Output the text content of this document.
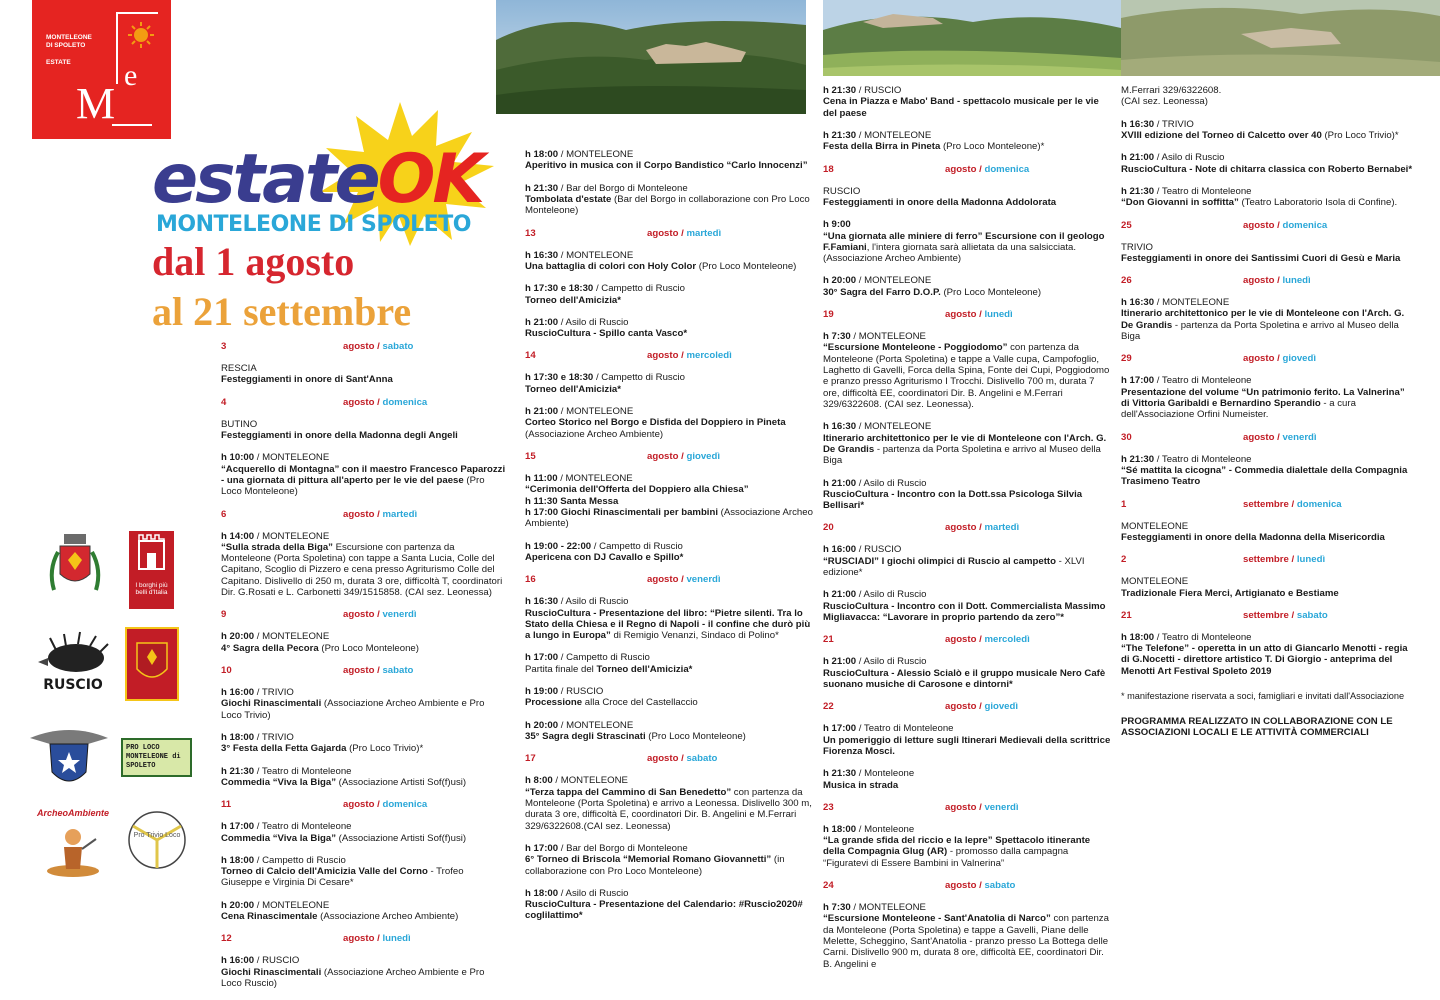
MONTELEONE
DI SPOLETO
ESTATE
M
e
estateOK
MONTELEONE DI SPOLETO
dal 1 agosto
al 21 settembre
I borghi più belli d'Italia
RUSCIO
PRO LOCO MONTELEONE di SPOLETO
ArcheoAmbiente
Pro Trivio Loco
3	agosto / sabato
RESCIA
Festeggiamenti in onore di Sant'Anna
4	agosto / domenica
BUTINO
Festeggiamenti in onore della Madonna degli Angeli
h 10:00 / MONTELEONE
“Acquerello di Montagna” con il maestro Francesco Paparozzi - una giornata di pittura all'aperto per le vie del paese (Pro Loco Monteleone)
6	agosto / martedì
h 14:00 / MONTELEONE
“Sulla strada della Biga” Escursione con partenza da Monteleone (Porta Spoletina) con tappe a Santa Lucia, Colle del Capitano, Scoglio di Pizzero e cena presso Agriturismo Colle del Capitano. Dislivello di 250 m, durata 3 ore, difficoltà T, coordinatori Dir. G.Rosati e L. Carbonetti 349/1515858. (CAI sez. Leonessa)
9	agosto / venerdì
h 20:00 / MONTELEONE
4° Sagra della Pecora (Pro Loco Monteleone)
10	agosto / sabato
h 16:00 / TRIVIO
Giochi Rinascimentali (Associazione Archeo Ambiente e Pro Loco Trivio)
h 18:00 / TRIVIO
3° Festa della Fetta Gajarda (Pro Loco Trivio)*
h 21:30 / Teatro di Monteleone
Commedia “Viva la Biga” (Associazione Artisti Sof(f)usi)
11	agosto / domenica
h 17:00 / Teatro di Monteleone
Commedia “Viva la Biga” (Associazione Artisti Sof(f)usi)
h 18:00 / Campetto di Ruscio
Torneo di Calcio dell'Amicizia Valle del Corno - Trofeo Giuseppe e Virginia Di Cesare*
h 20:00 / MONTELEONE
Cena Rinascimentale (Associazione Archeo Ambiente)
12	agosto / lunedì
h 16:00 / RUSCIO
Giochi Rinascimentali (Associazione Archeo Ambiente e Pro Loco Ruscio)
h 18:00 / MONTELEONE
Aperitivo in musica con il Corpo Bandistico “Carlo Innocenzi”
h 21:30 / Bar del Borgo di Monteleone
Tombolata d'estate (Bar del Borgo in collaborazione con Pro Loco Monteleone)
13	agosto / martedì
h 16:30 / MONTELEONE
Una battaglia di colori con Holy Color (Pro Loco Monteleone)
h 17:30 e 18:30 / Campetto di Ruscio
Torneo dell'Amicizia*
h 21:00 / Asilo di Ruscio
RuscioCultura - Spillo canta Vasco*
14	agosto / mercoledì
h 17:30 e 18:30 / Campetto di Ruscio
Torneo dell'Amicizia*
h 21:00 / MONTELEONE
Corteo Storico nel Borgo e Disfida del Doppiero in Pineta (Associazione Archeo Ambiente)
15	agosto / giovedì
h 11:00 / MONTELEONE
“Cerimonia dell'Offerta del Doppiero alla Chiesa”
h 11:30 Santa Messa
h 17:00 Giochi Rinascimentali per bambini (Associazione Archeo Ambiente)
h 19:00 - 22:00 / Campetto di Ruscio
Apericena con DJ Cavallo e Spillo*
16	agosto / venerdì
h 16:30 / Asilo di Ruscio
RuscioCultura - Presentazione del libro: “Pietre silenti. Tra lo Stato della Chiesa e il Regno di Napoli - il confine che durò più a lungo in Europa” di Remigio Venanzi, Sindaco di Polino*
h 17:00 / Campetto di Ruscio
Partita finale del Torneo dell'Amicizia*
h 19:00 / RUSCIO
Processione alla Croce del Castellaccio
h 20:00 / MONTELEONE
35° Sagra degli Strascinati (Pro Loco Monteleone)
17	agosto / sabato
h 8:00 / MONTELEONE
“Terza tappa del Cammino di San Benedetto” con partenza da Monteleone (Porta Spoletina) e arrivo a Leonessa. Dislivello 300 m, durata 3 ore, difficoltà E, coordinatori Dir. B. Angelini e M.Ferrari 329/6322608.(CAI sez. Leonessa)
h 17:00 / Bar del Borgo di Monteleone
6° Torneo di Briscola “Memorial Romano Giovannetti” (in collaborazione con Pro Loco Monteleone)
h 18:00 / Asilo di Ruscio
RuscioCultura - Presentazione del Calendario: #Ruscio2020# coglilattimo*
h 21:30 / RUSCIO
Cena in Piazza e Mabo' Band - spettacolo musicale per le vie del paese
h 21:30 / MONTELEONE
Festa della Birra in Pineta (Pro Loco Monteleone)*
18	agosto / domenica
RUSCIO
Festeggiamenti in onore della Madonna Addolorata
h 9:00
“Una giornata alle miniere di ferro” Escursione con il geologo F.Famiani, l'intera giornata sarà allietata da una salsicciata. (Associazione Archeo Ambiente)
h 20:00 / MONTELEONE
30° Sagra del Farro D.O.P. (Pro Loco Monteleone)
19	agosto / lunedì
h 7:30 / MONTELEONE
“Escursione Monteleone - Poggiodomo” con partenza da Monteleone (Porta Spoletina) e tappe a Valle cupa, Campofoglio, Laghetto di Gavelli, Forca della Spina, Fonte dei Cupi, Poggiodomo e pranzo presso Agriturismo I Trocchi. Dislivello 700 m, durata 7 ore, difficoltà EE, coordinatori Dir. B. Angelini e M.Ferrari 329/6322608. (CAI sez. Leonessa).
h 16:30 / MONTELEONE
Itinerario architettonico per le vie di Monteleone con l'Arch. G. De Grandis - partenza da Porta Spoletina e arrivo al Museo della Biga
h 21:00 / Asilo di Ruscio
RuscioCultura - Incontro con la Dott.ssa Psicologa Silvia Bellisari*
20	agosto / martedì
h 16:00 / RUSCIO
“RUSCIADI” I giochi olimpici di Ruscio al campetto - XLVI edizione*
h 21:00 / Asilo di Ruscio
RuscioCultura - Incontro con il Dott. Commercialista Massimo Migliavacca: “Lavorare in proprio partendo da zero”*
21	agosto / mercoledì
h 21:00 / Asilo di Ruscio
RuscioCultura - Alessio Scialò e il gruppo musicale Nero Cafè suonano musiche di Carosone e dintorni*
22	agosto / giovedì
h 17:00 / Teatro di Monteleone
Un pomeriggio di letture sugli Itinerari Medievali della scrittrice Fiorenza Mosci.
h 21:30 / Monteleone
Musica in strada
23	agosto / venerdì
h 18:00 / Monteleone
“La grande sfida del riccio e la lepre” Spettacolo itinerante della Compagnia Glug (AR) - promosso dalla campagna “Figuratevi di Essere Bambini in Valnerina”
24	agosto / sabato
h 7:30 / MONTELEONE
“Escursione Monteleone - Sant'Anatolia di Narco” con partenza da Monteleone (Porta Spoletina) e tappe a Gavelli, Piane delle Melette, Scheggino, Sant'Anatolia - pranzo presso La Bottega delle Carni. Dislivello 900 m, durata 8 ore, difficoltà EE, coordinatori Dir. B. Angelini e
M.Ferrari 329/6322608.
(CAI sez. Leonessa)
h 16:30 / TRIVIO
XVIII edizione del Torneo di Calcetto over 40 (Pro Loco Trivio)*
h 21:00 / Asilo di Ruscio
RuscioCultura - Note di chitarra classica con Roberto Bernabei*
h 21:30 / Teatro di Monteleone
“Don Giovanni in soffitta” (Teatro Laboratorio Isola di Confine).
25	agosto / domenica
TRIVIO
Festeggiamenti in onore dei Santissimi Cuori di Gesù e Maria
26	agosto / lunedì
h 16:30 / MONTELEONE
Itinerario architettonico per le vie di Monteleone con l'Arch. G. De Grandis - partenza da Porta Spoletina e arrivo al Museo della Biga
29	agosto / giovedì
h 17:00 / Teatro di Monteleone
Presentazione del volume “Un patrimonio ferito. La Valnerina” di Vittoria Garibaldi e Bernardino Sperandio - a cura dell'Associazione Orfini Numeister.
30	agosto / venerdì
h 21:30 / Teatro di Monteleone
“Sé mattita la cicogna” - Commedia dialettale della Compagnia Trasimeno Teatro
1	settembre / domenica
MONTELEONE
Festeggiamenti in onore della Madonna della Misericordia
2	settembre / lunedì
MONTELEONE
Tradizionale Fiera Merci, Artigianato e Bestiame
21	settembre / sabato
h 18:00 / Teatro di Monteleone
“The Telefone” - operetta in un atto di Giancarlo Menotti - regia di G.Nocetti - direttore artistico T. Di Giorgio - anteprima del Menotti Art Festival Spoleto 2019
* manifestazione riservata a soci, famigliari e invitati dall'Associazione
PROGRAMMA REALIZZATO IN COLLABORAZIONE CON LE ASSOCIAZIONI LOCALI E LE ATTIVITÀ COMMERCIALI
